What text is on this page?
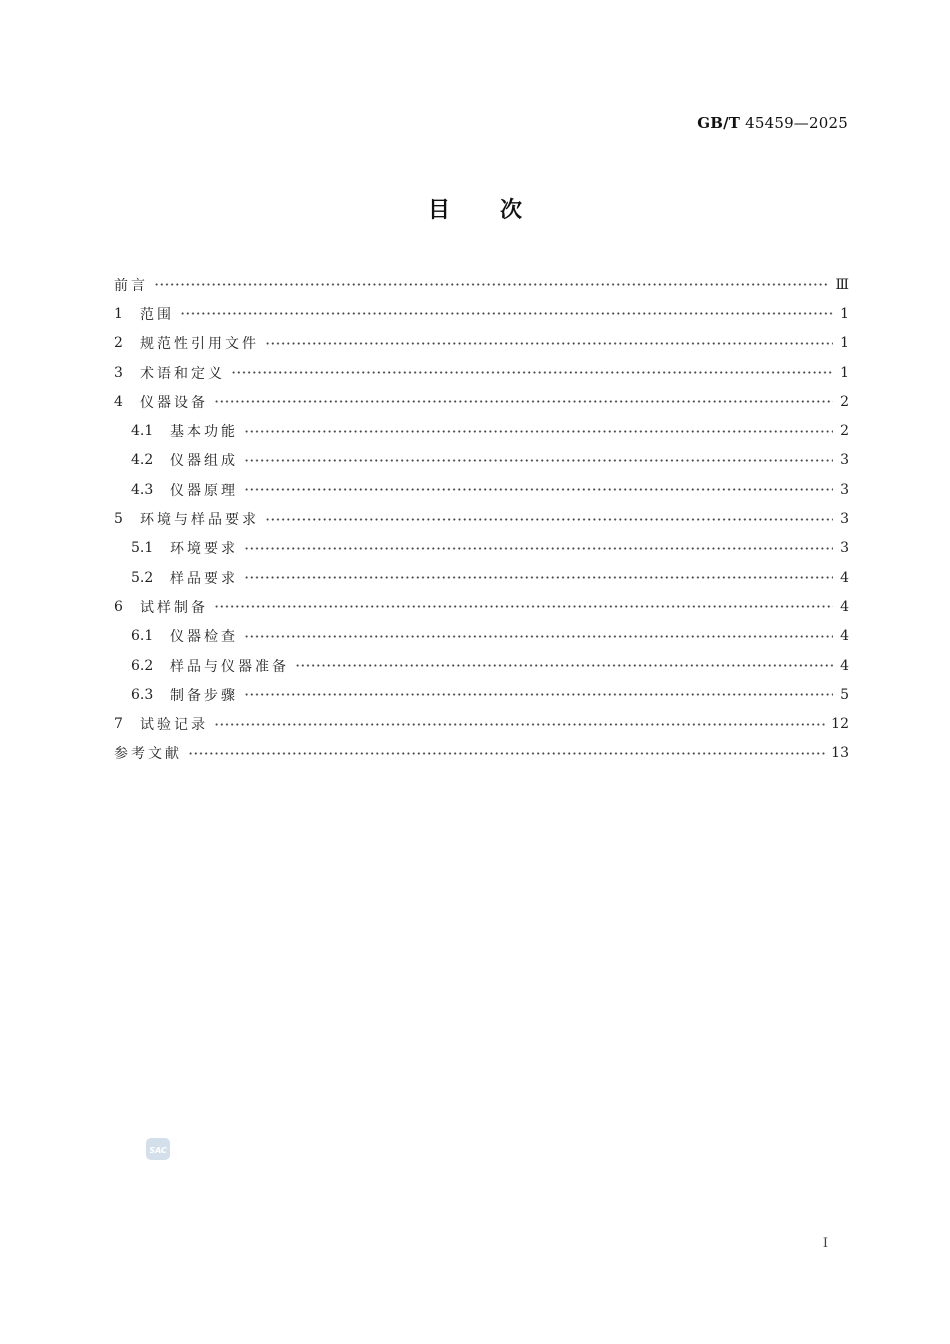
GB/T 45459—2025
目次
前言	Ⅲ
1	范围	1
2	规范性引用文件	1
3	术语和定义	1
4	仪器设备	2
4.1	基本功能	2
4.2	仪器组成	3
4.3	仪器原理	3
5	环境与样品要求	3
5.1	环境要求	3
5.2	样品要求	4
6	试样制备	4
6.1	仪器检查	4
6.2	样品与仪器准备	4
6.3	制备步骤	5
7	试验记录	12
参考文献	13
SAC
I
